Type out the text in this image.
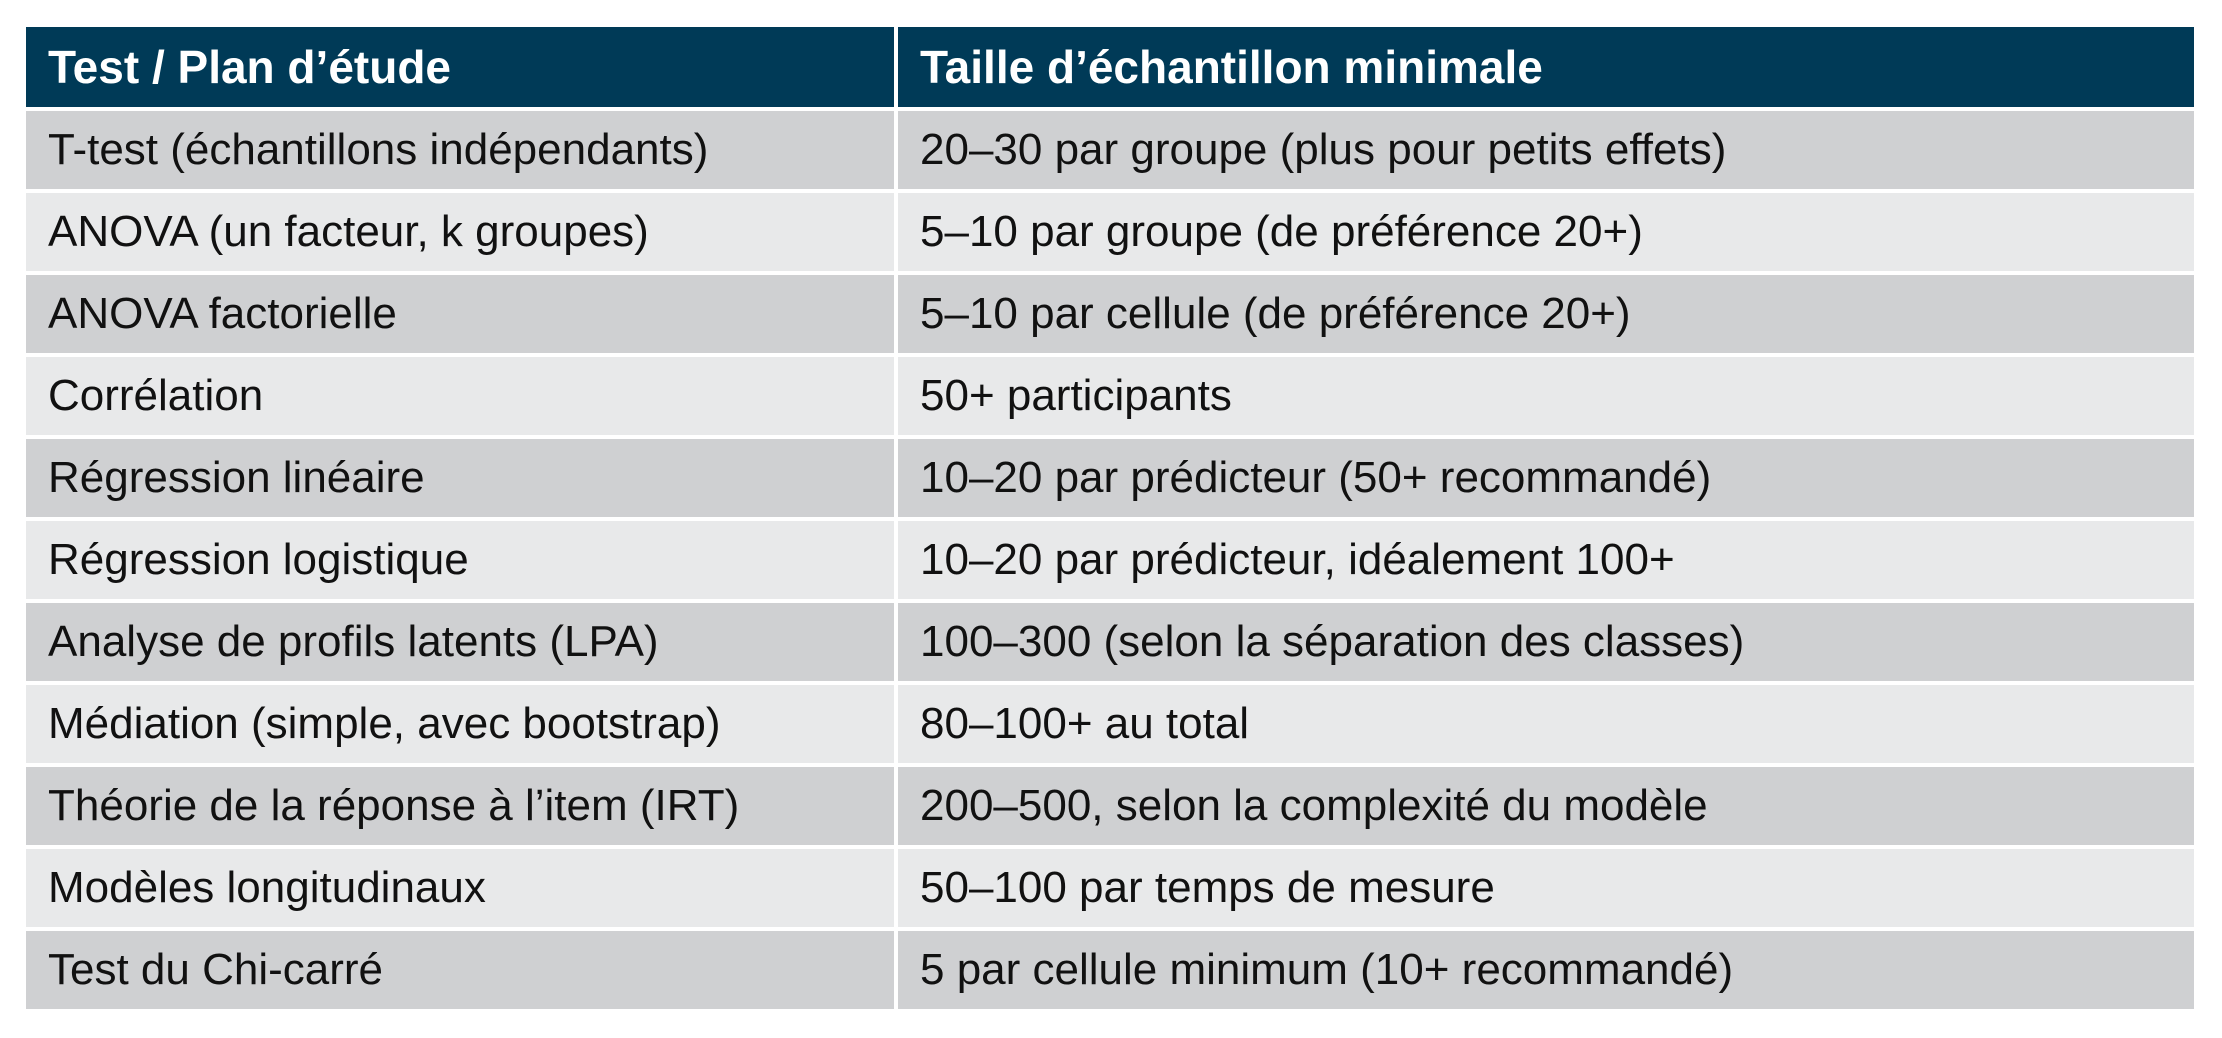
Test / Plan d’étude	Taille d’échantillon minimale
T-test (échantillons indépendants)	20–30 par groupe (plus pour petits effets)
ANOVA (un facteur, k groupes)	5–10 par groupe (de préférence 20+)
ANOVA factorielle	5–10 par cellule (de préférence 20+)
Corrélation	50+ participants
Régression linéaire	10–20 par prédicteur (50+ recommandé)
Régression logistique	10–20 par prédicteur, idéalement 100+
Analyse de profils latents (LPA)	100–300 (selon la séparation des classes)
Médiation (simple, avec bootstrap)	80–100+ au total
Théorie de la réponse à l’item (IRT)	200–500, selon la complexité du modèle
Modèles longitudinaux	50–100 par temps de mesure
Test du Chi-carré	5 par cellule minimum (10+ recommandé)
